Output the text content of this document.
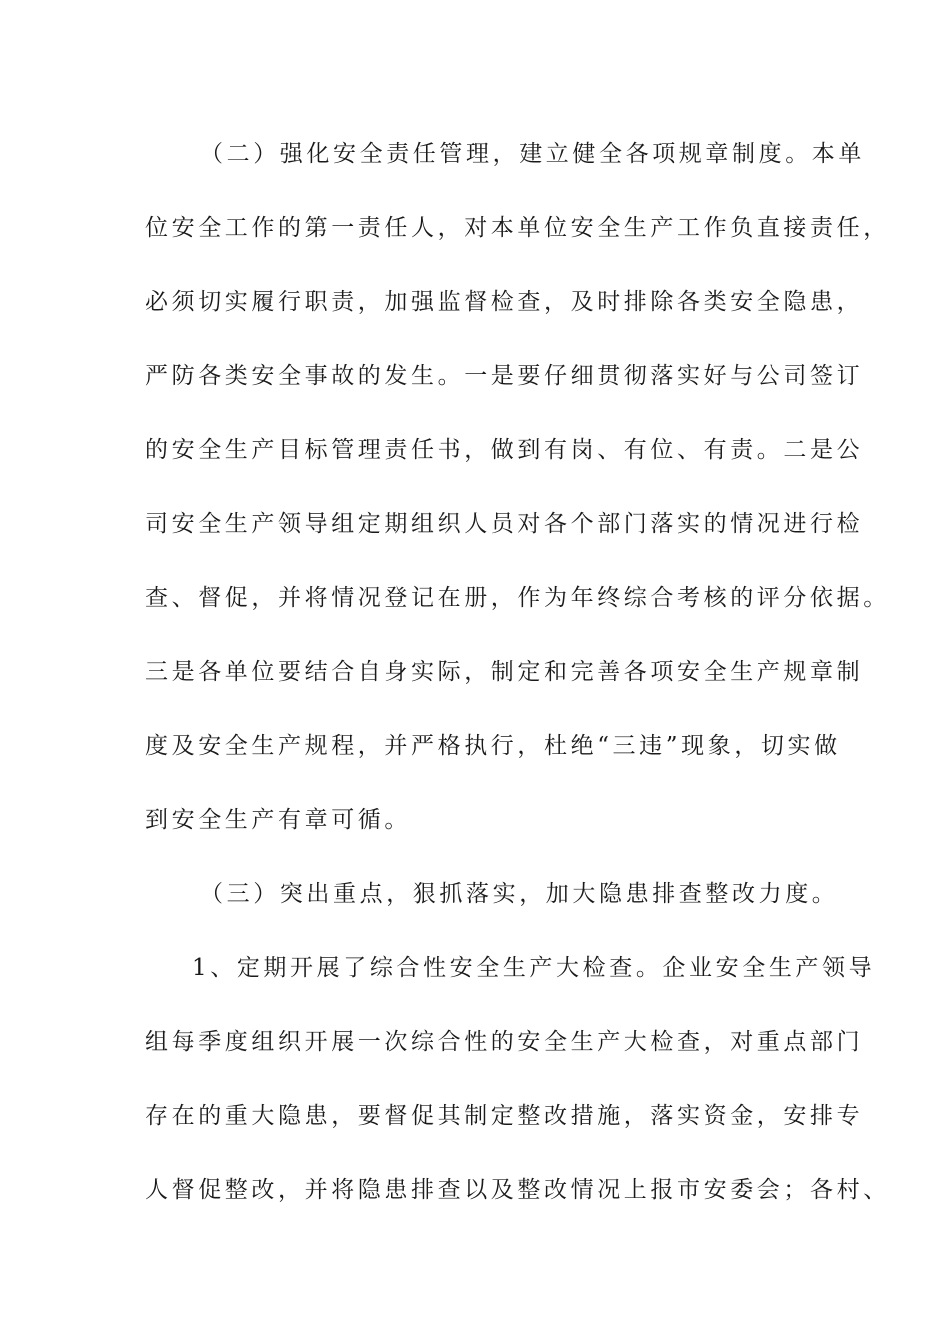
（二）强化安全责任管理，建立健全各项规章制度。本单
位安全工作的第一责任人，对本单位安全生产工作负直接责任，
必须切实履行职责，加强监督检查，及时排除各类安全隐患，
严防各类安全事故的发生。一是要仔细贯彻落实好与公司签订
的安全生产目标管理责任书，做到有岗、有位、有责。二是公
司安全生产领导组定期组织人员对各个部门落实的情况进行检
查、督促，并将情况登记在册，作为年终综合考核的评分依据。
三是各单位要结合自身实际，制定和完善各项安全生产规章制
度及安全生产规程，并严格执行，杜绝“三违”现象，切实做
到安全生产有章可循。
（三）突出重点，狠抓落实，加大隐患排查整改力度。
1、定期开展了综合性安全生产大检查。企业安全生产领导
组每季度组织开展一次综合性的安全生产大检查，对重点部门
存在的重大隐患，要督促其制定整改措施，落实资金，安排专
人督促整改，并将隐患排查以及整改情况上报市安委会；各村、
